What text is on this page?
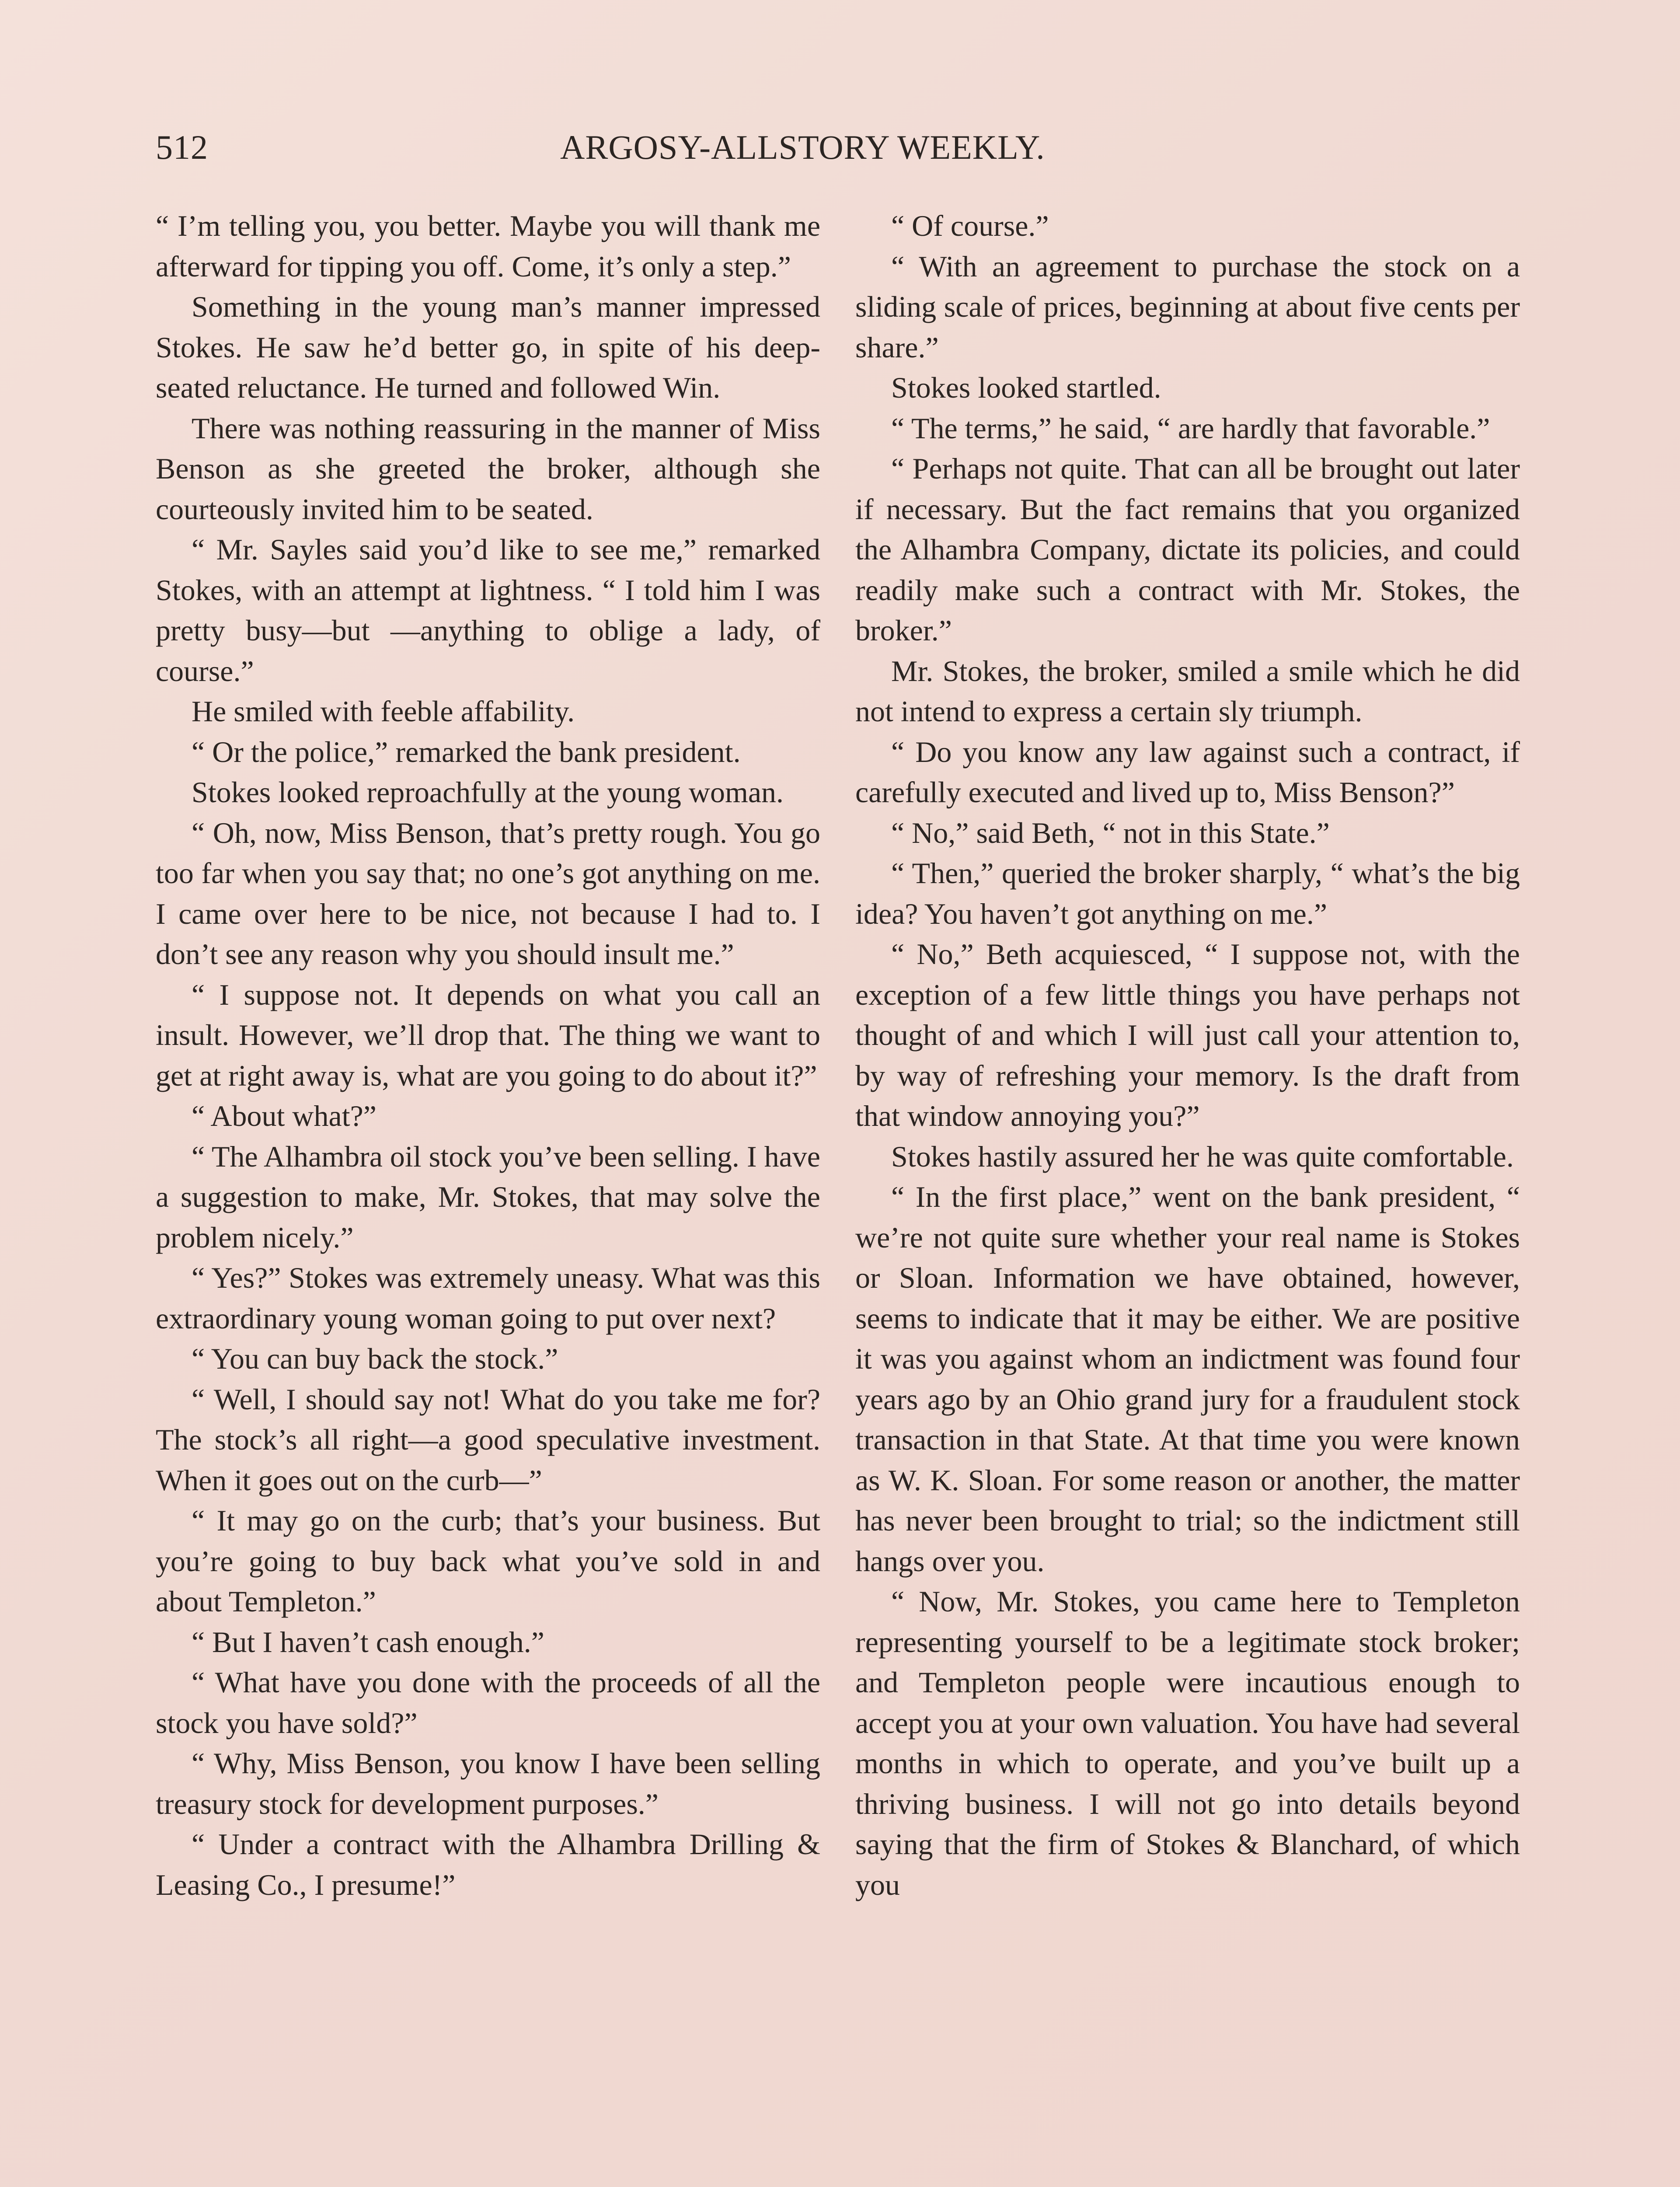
512	ARGOSY-ALLSTORY WEEKLY.

“ I’m telling you, you better. Maybe you will thank me afterward for tipping you off. Come, it’s only a step.”

Something in the young man’s manner impressed Stokes. He saw he’d better go, in spite of his deep-seated reluctance. He turned and followed Win.

There was nothing reassuring in the manner of Miss Benson as she greeted the broker, although she courteously invited him to be seated.

“ Mr. Sayles said you’d like to see me,” remarked Stokes, with an attempt at lightness. “ I told him I was pretty busy—but —anything to oblige a lady, of course.”

He smiled with feeble affability.

“ Or the police,” remarked the bank president.

Stokes looked reproachfully at the young woman.

“ Oh, now, Miss Benson, that’s pretty rough. You go too far when you say that; no one’s got anything on me. I came over here to be nice, not because I had to. I don’t see any reason why you should insult me.”

“ I suppose not. It depends on what you call an insult. However, we’ll drop that. The thing we want to get at right away is, what are you going to do about it?”

“ About what?”

“ The Alhambra oil stock you’ve been selling. I have a suggestion to make, Mr. Stokes, that may solve the problem nicely.”

“ Yes?” Stokes was extremely uneasy. What was this extraordinary young woman going to put over next?

“ You can buy back the stock.”

“ Well, I should say not! What do you take me for? The stock’s all right—a good speculative investment. When it goes out on the curb—”

“ It may go on the curb; that’s your business. But you’re going to buy back what you’ve sold in and about Templeton.”

“ But I haven’t cash enough.”

“ What have you done with the proceeds of all the stock you have sold?”

“ Why, Miss Benson, you know I have been selling treasury stock for development purposes.”

“ Under a contract with the Alhambra Drilling & Leasing Co., I presume!”

“ Of course.”

“ With an agreement to purchase the stock on a sliding scale of prices, beginning at about five cents per share.”

Stokes looked startled.

“ The terms,” he said, “ are hardly that favorable.”

“ Perhaps not quite. That can all be brought out later if necessary. But the fact remains that you organized the Alhambra Company, dictate its policies, and could readily make such a contract with Mr. Stokes, the broker.”

Mr. Stokes, the broker, smiled a smile which he did not intend to express a certain sly triumph.

“ Do you know any law against such a contract, if carefully executed and lived up to, Miss Benson?”

“ No,” said Beth, “ not in this State.”

“ Then,” queried the broker sharply, “ what’s the big idea? You haven’t got anything on me.”

“ No,” Beth acquiesced, “ I suppose not, with the exception of a few little things you have perhaps not thought of and which I will just call your attention to, by way of refreshing your memory. Is the draft from that window annoying you?”

Stokes hastily assured her he was quite comfortable.

“ In the first place,” went on the bank president, “ we’re not quite sure whether your real name is Stokes or Sloan. Information we have obtained, however, seems to indicate that it may be either. We are positive it was you against whom an indictment was found four years ago by an Ohio grand jury for a fraudulent stock transaction in that State. At that time you were known as W. K. Sloan. For some reason or another, the matter has never been brought to trial; so the indictment still hangs over you.

“ Now, Mr. Stokes, you came here to Templeton representing yourself to be a legitimate stock broker; and Templeton people were incautious enough to accept you at your own valuation. You have had several months in which to operate, and you’ve built up a thriving business. I will not go into details beyond saying that the firm of Stokes & Blanchard, of which you
